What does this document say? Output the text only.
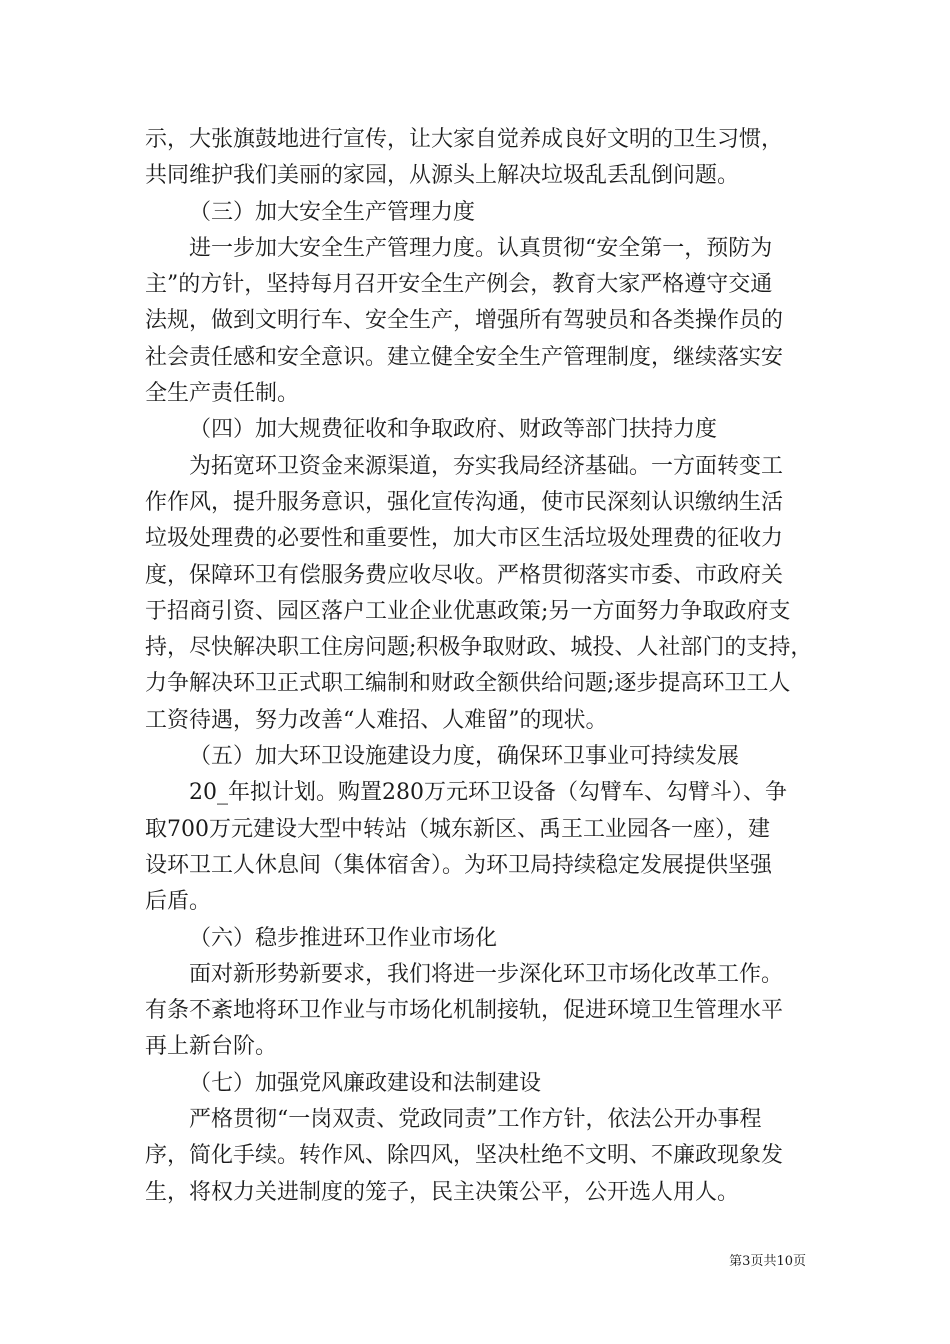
示，大张旗鼓地进行宣传，让大家自觉养成良好文明的卫生习惯，
共同维护我们美丽的家园，从源头上解决垃圾乱丢乱倒问题。
（三）加大安全生产管理力度
进一步加大安全生产管理力度。认真贯彻“安全第一，预防为
主”的方针，坚持每月召开安全生产例会，教育大家严格遵守交通
法规，做到文明行车、安全生产，增强所有驾驶员和各类操作员的
社会责任感和安全意识。建立健全安全生产管理制度，继续落实安
全生产责任制。
（四）加大规费征收和争取政府、财政等部门扶持力度
为拓宽环卫资金来源渠道，夯实我局经济基础。一方面转变工
作作风，提升服务意识，强化宣传沟通，使市民深刻认识缴纳生活
垃圾处理费的必要性和重要性，加大市区生活垃圾处理费的征收力
度，保障环卫有偿服务费应收尽收。严格贯彻落实市委、市政府关
于招商引资、园区落户工业企业优惠政策;另一方面努力争取政府支
持，尽快解决职工住房问题;积极争取财政、城投、人社部门的支持，
力争解决环卫正式职工编制和财政全额供给问题;逐步提高环卫工人
工资待遇，努力改善“人难招、人难留”的现状。
（五）加大环卫设施建设力度，确保环卫事业可持续发展
20_年拟计划。购置280万元环卫设备（勾臂车、勾臂斗）、争
取700万元建设大型中转站（城东新区、禹王工业园各一座），建
设环卫工人休息间（集体宿舍）。为环卫局持续稳定发展提供坚强
后盾。
（六）稳步推进环卫作业市场化
面对新形势新要求，我们将进一步深化环卫市场化改革工作。
有条不紊地将环卫作业与市场化机制接轨，促进环境卫生管理水平
再上新台阶。
（七）加强党风廉政建设和法制建设
严格贯彻“一岗双责、党政同责”工作方针，依法公开办事程
序，简化手续。转作风、除四风，坚决杜绝不文明、不廉政现象发
生，将权力关进制度的笼子，民主决策公平，公开选人用人。
第3页共10页
